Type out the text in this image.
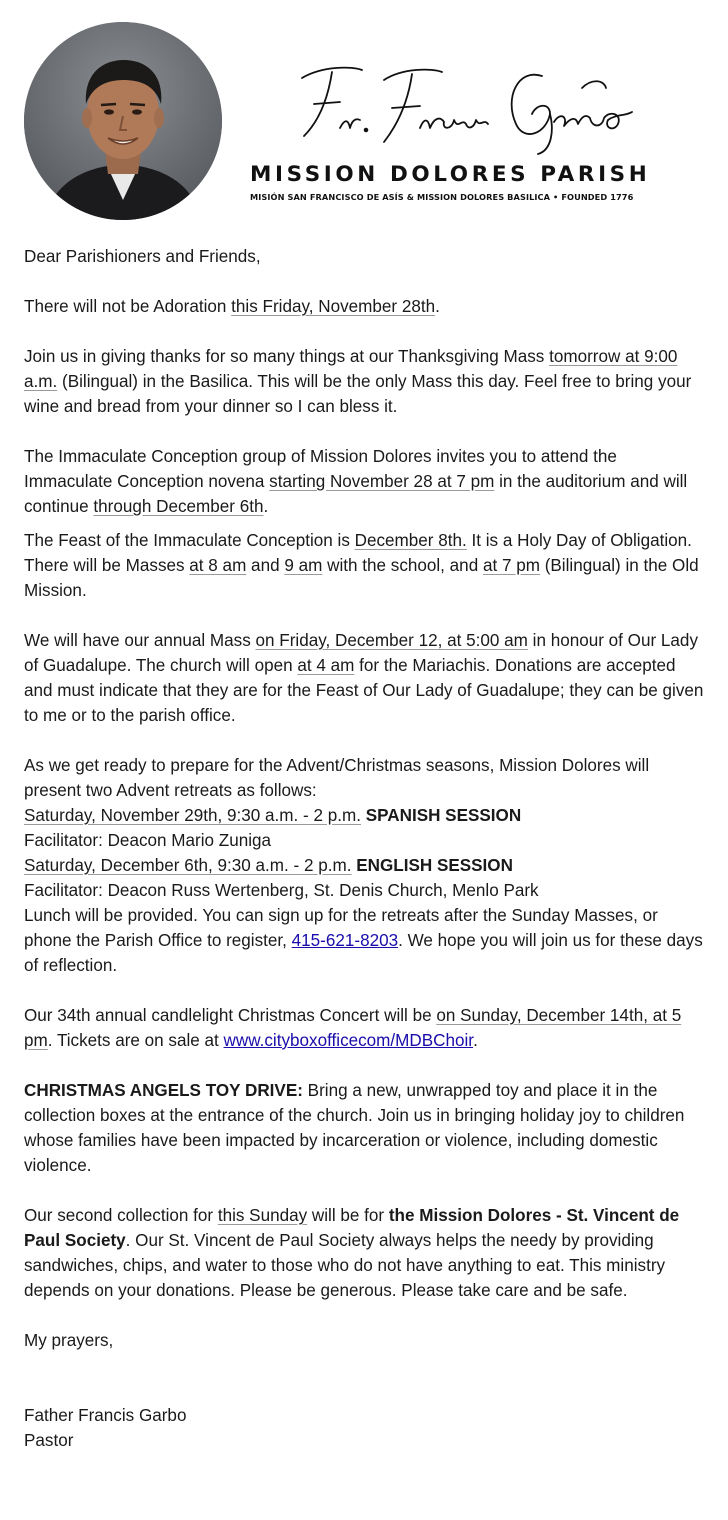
MISSION DOLORES PARISH
MISIÓN SAN FRANCISCO DE ASÍS & MISSION DOLORES BASILICA • FOUNDED 1776

Dear Parishioners and Friends,

There will not be Adoration this Friday, November 28th.

Join us in giving thanks for so many things at our Thanksgiving Mass tomorrow at 9:00 a.m. (Bilingual) in the Basilica. This will be the only Mass this day. Feel free to bring your wine and bread from your dinner so I can bless it.

The Immaculate Conception group of Mission Dolores invites you to attend the Immaculate Conception novena starting November 28 at 7 pm in the auditorium and will continue through December 6th.

The Feast of the Immaculate Conception is December 8th. It is a Holy Day of Obligation. There will be Masses at 8 am and 9 am with the school, and at 7 pm (Bilingual) in the Old Mission.

We will have our annual Mass on Friday, December 12, at 5:00 am in honour of Our Lady of Guadalupe. The church will open at 4 am for the Mariachis. Donations are accepted and must indicate that they are for the Feast of Our Lady of Guadalupe; they can be given to me or to the parish office.

As we get ready to prepare for the Advent/Christmas seasons, Mission Dolores will present two Advent retreats as follows:
Saturday, November 29th, 9:30 a.m. - 2 p.m. SPANISH SESSION
Facilitator: Deacon Mario Zuniga
Saturday, December 6th, 9:30 a.m. - 2 p.m. ENGLISH SESSION
Facilitator: Deacon Russ Wertenberg, St. Denis Church, Menlo Park
Lunch will be provided. You can sign up for the retreats after the Sunday Masses, or phone the Parish Office to register, 415-621-8203. We hope you will join us for these days of reflection.

Our 34th annual candlelight Christmas Concert will be on Sunday, December 14th, at 5 pm. Tickets are on sale at www.cityboxofficecom/MDBChoir.

CHRISTMAS ANGELS TOY DRIVE: Bring a new, unwrapped toy and place it in the collection boxes at the entrance of the church. Join us in bringing holiday joy to children whose families have been impacted by incarceration or violence, including domestic violence.

Our second collection for this Sunday will be for the Mission Dolores - St. Vincent de Paul Society. Our St. Vincent de Paul Society always helps the needy by providing sandwiches, chips, and water to those who do not have anything to eat. This ministry depends on your donations. Please be generous. Please take care and be safe.

My prayers,

Father Francis Garbo
Pastor
